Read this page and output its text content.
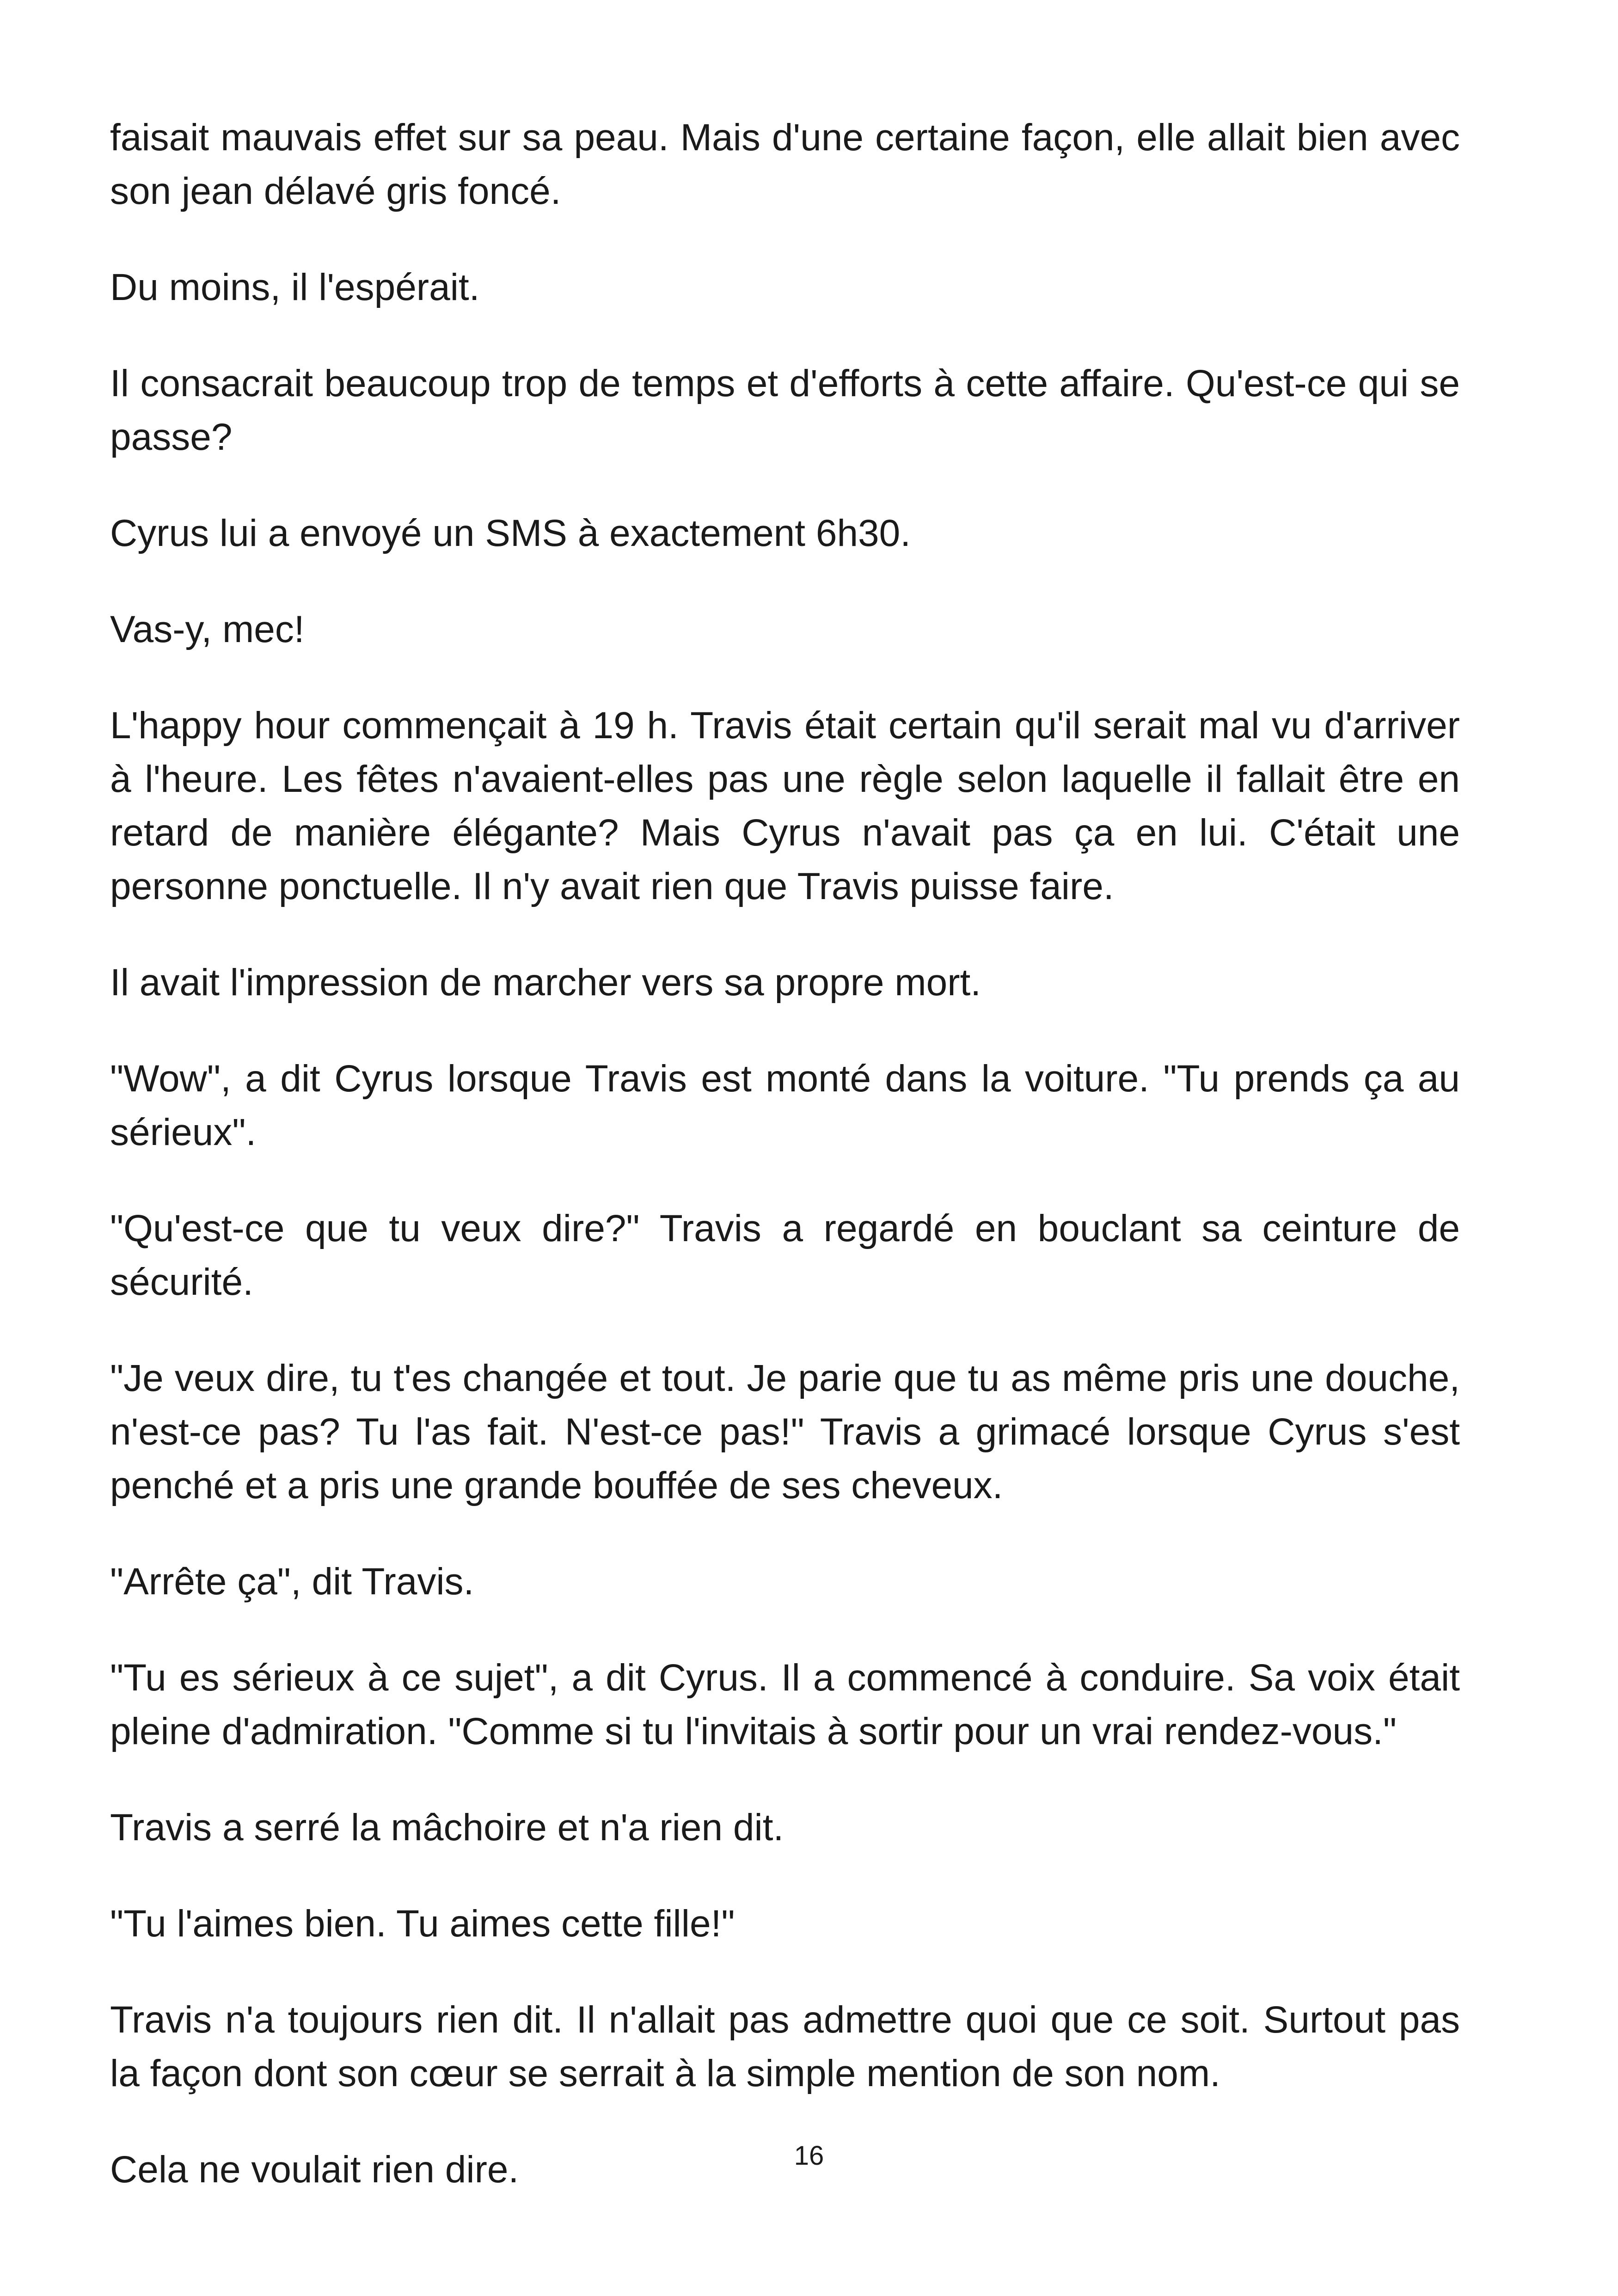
faisait mauvais effet sur sa peau. Mais d'une certaine façon, elle allait bien avec son jean délavé gris foncé.

Du moins, il l'espérait.

Il consacrait beaucoup trop de temps et d'efforts à cette affaire. Qu'est-ce qui se passe?

Cyrus lui a envoyé un SMS à exactement 6h30.

Vas-y, mec!

L'happy hour commençait à 19 h. Travis était certain qu'il serait mal vu d'arriver à l'heure. Les fêtes n'avaient-elles pas une règle selon laquelle il fallait être en retard de manière élégante? Mais Cyrus n'avait pas ça en lui. C'était une personne ponctuelle. Il n'y avait rien que Travis puisse faire.

Il avait l'impression de marcher vers sa propre mort.

"Wow", a dit Cyrus lorsque Travis est monté dans la voiture. "Tu prends ça au sérieux".

"Qu'est-ce que tu veux dire?" Travis a regardé en bouclant sa ceinture de sécurité.

"Je veux dire, tu t'es changée et tout. Je parie que tu as même pris une douche, n'est-ce pas? Tu l'as fait. N'est-ce pas!" Travis a grimacé lorsque Cyrus s'est penché et a pris une grande bouffée de ses cheveux.

"Arrête ça", dit Travis.

"Tu es sérieux à ce sujet", a dit Cyrus. Il a commencé à conduire. Sa voix était pleine d'admiration. "Comme si tu l'invitais à sortir pour un vrai rendez-vous."

Travis a serré la mâchoire et n'a rien dit.

"Tu l'aimes bien. Tu aimes cette fille!"

Travis n'a toujours rien dit. Il n'allait pas admettre quoi que ce soit. Surtout pas la façon dont son cœur se serrait à la simple mention de son nom.

Cela ne voulait rien dire.	16
